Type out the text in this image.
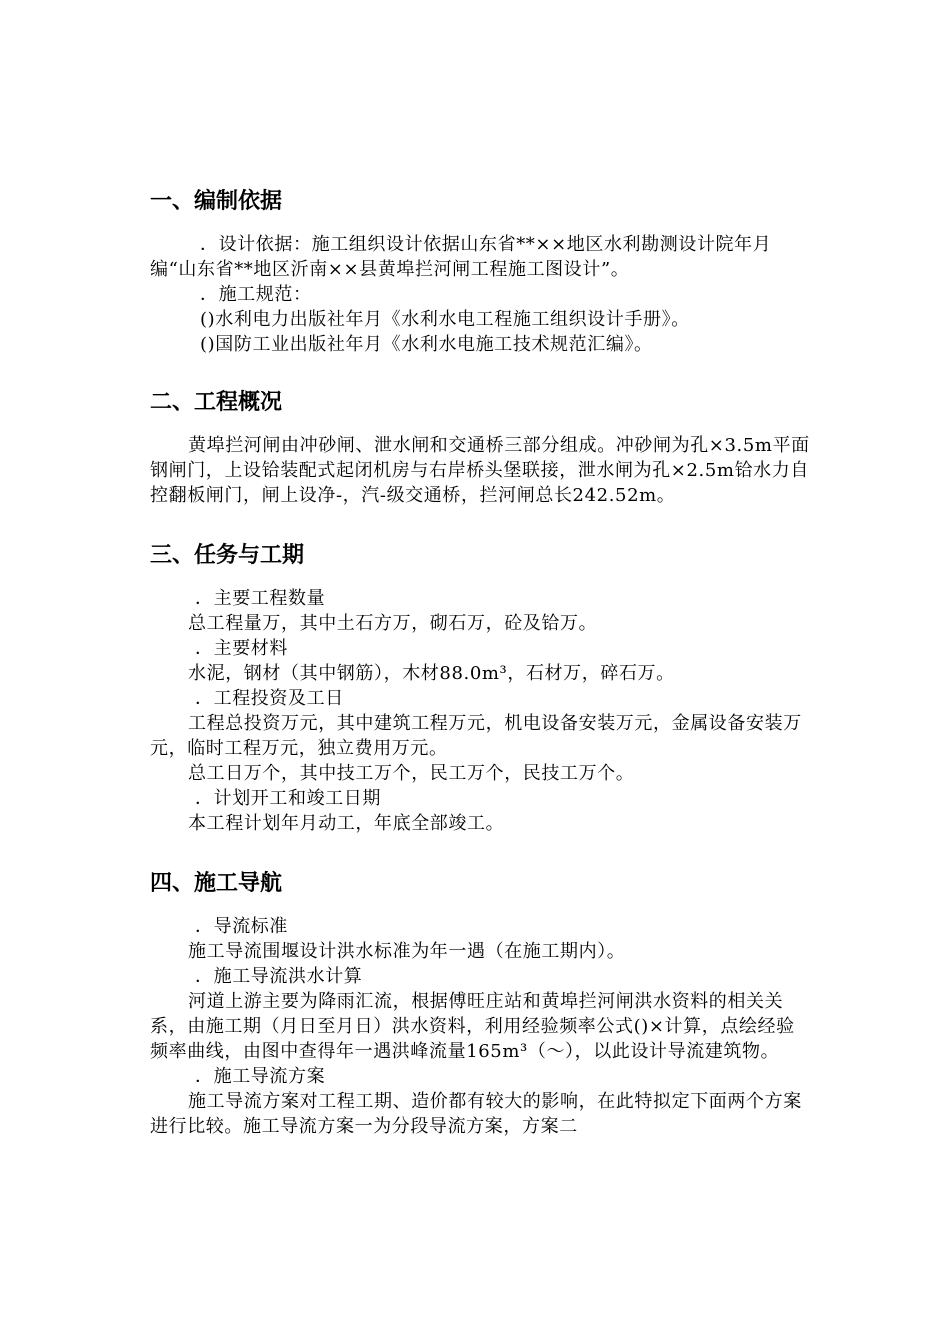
一、编制依据

．设计依据：施工组织设计依据山东省**××地区水利勘测设计院年月编“山东省**地区沂南××县黄埠拦河闸工程施工图设计”。

．施工规范：

()水利电力出版社年月《水利水电工程施工组织设计手册》。

()国防工业出版社年月《水利水电施工技术规范汇编》。

二、工程概况

黄埠拦河闸由冲砂闸、泄水闸和交通桥三部分组成。冲砂闸为孔×3.5m平面钢闸门，上设铪装配式起闭机房与右岸桥头堡联接，泄水闸为孔×2.5m铪水力自控翻板闸门，闸上设净-，汽-级交通桥，拦河闸总长242.52m。

三、任务与工期

．主要工程数量

总工程量万，其中土石方万，砌石万，砼及铪万。

．主要材料

水泥，钢材（其中钢筋），木材88.0m³，石材万，碎石万。

．工程投资及工日

工程总投资万元，其中建筑工程万元，机电设备安装万元，金属设备安装万元，临时工程万元，独立费用万元。

总工日万个，其中技工万个，民工万个，民技工万个。

．计划开工和竣工日期

本工程计划年月动工，年底全部竣工。

四、施工导航

．导流标准

施工导流围堰设计洪水标准为年一遇（在施工期内）。

．施工导流洪水计算

河道上游主要为降雨汇流，根据傅旺庄站和黄埠拦河闸洪水资料的相关关系，由施工期（月日至月日）洪水资料，利用经验频率公式()×计算，点绘经验频率曲线，由图中查得年一遇洪峰流量165m³（～），以此设计导流建筑物。

．施工导流方案

施工导流方案对工程工期、造价都有较大的影响，在此特拟定下面两个方案进行比较。施工导流方案一为分段导流方案，方案二
